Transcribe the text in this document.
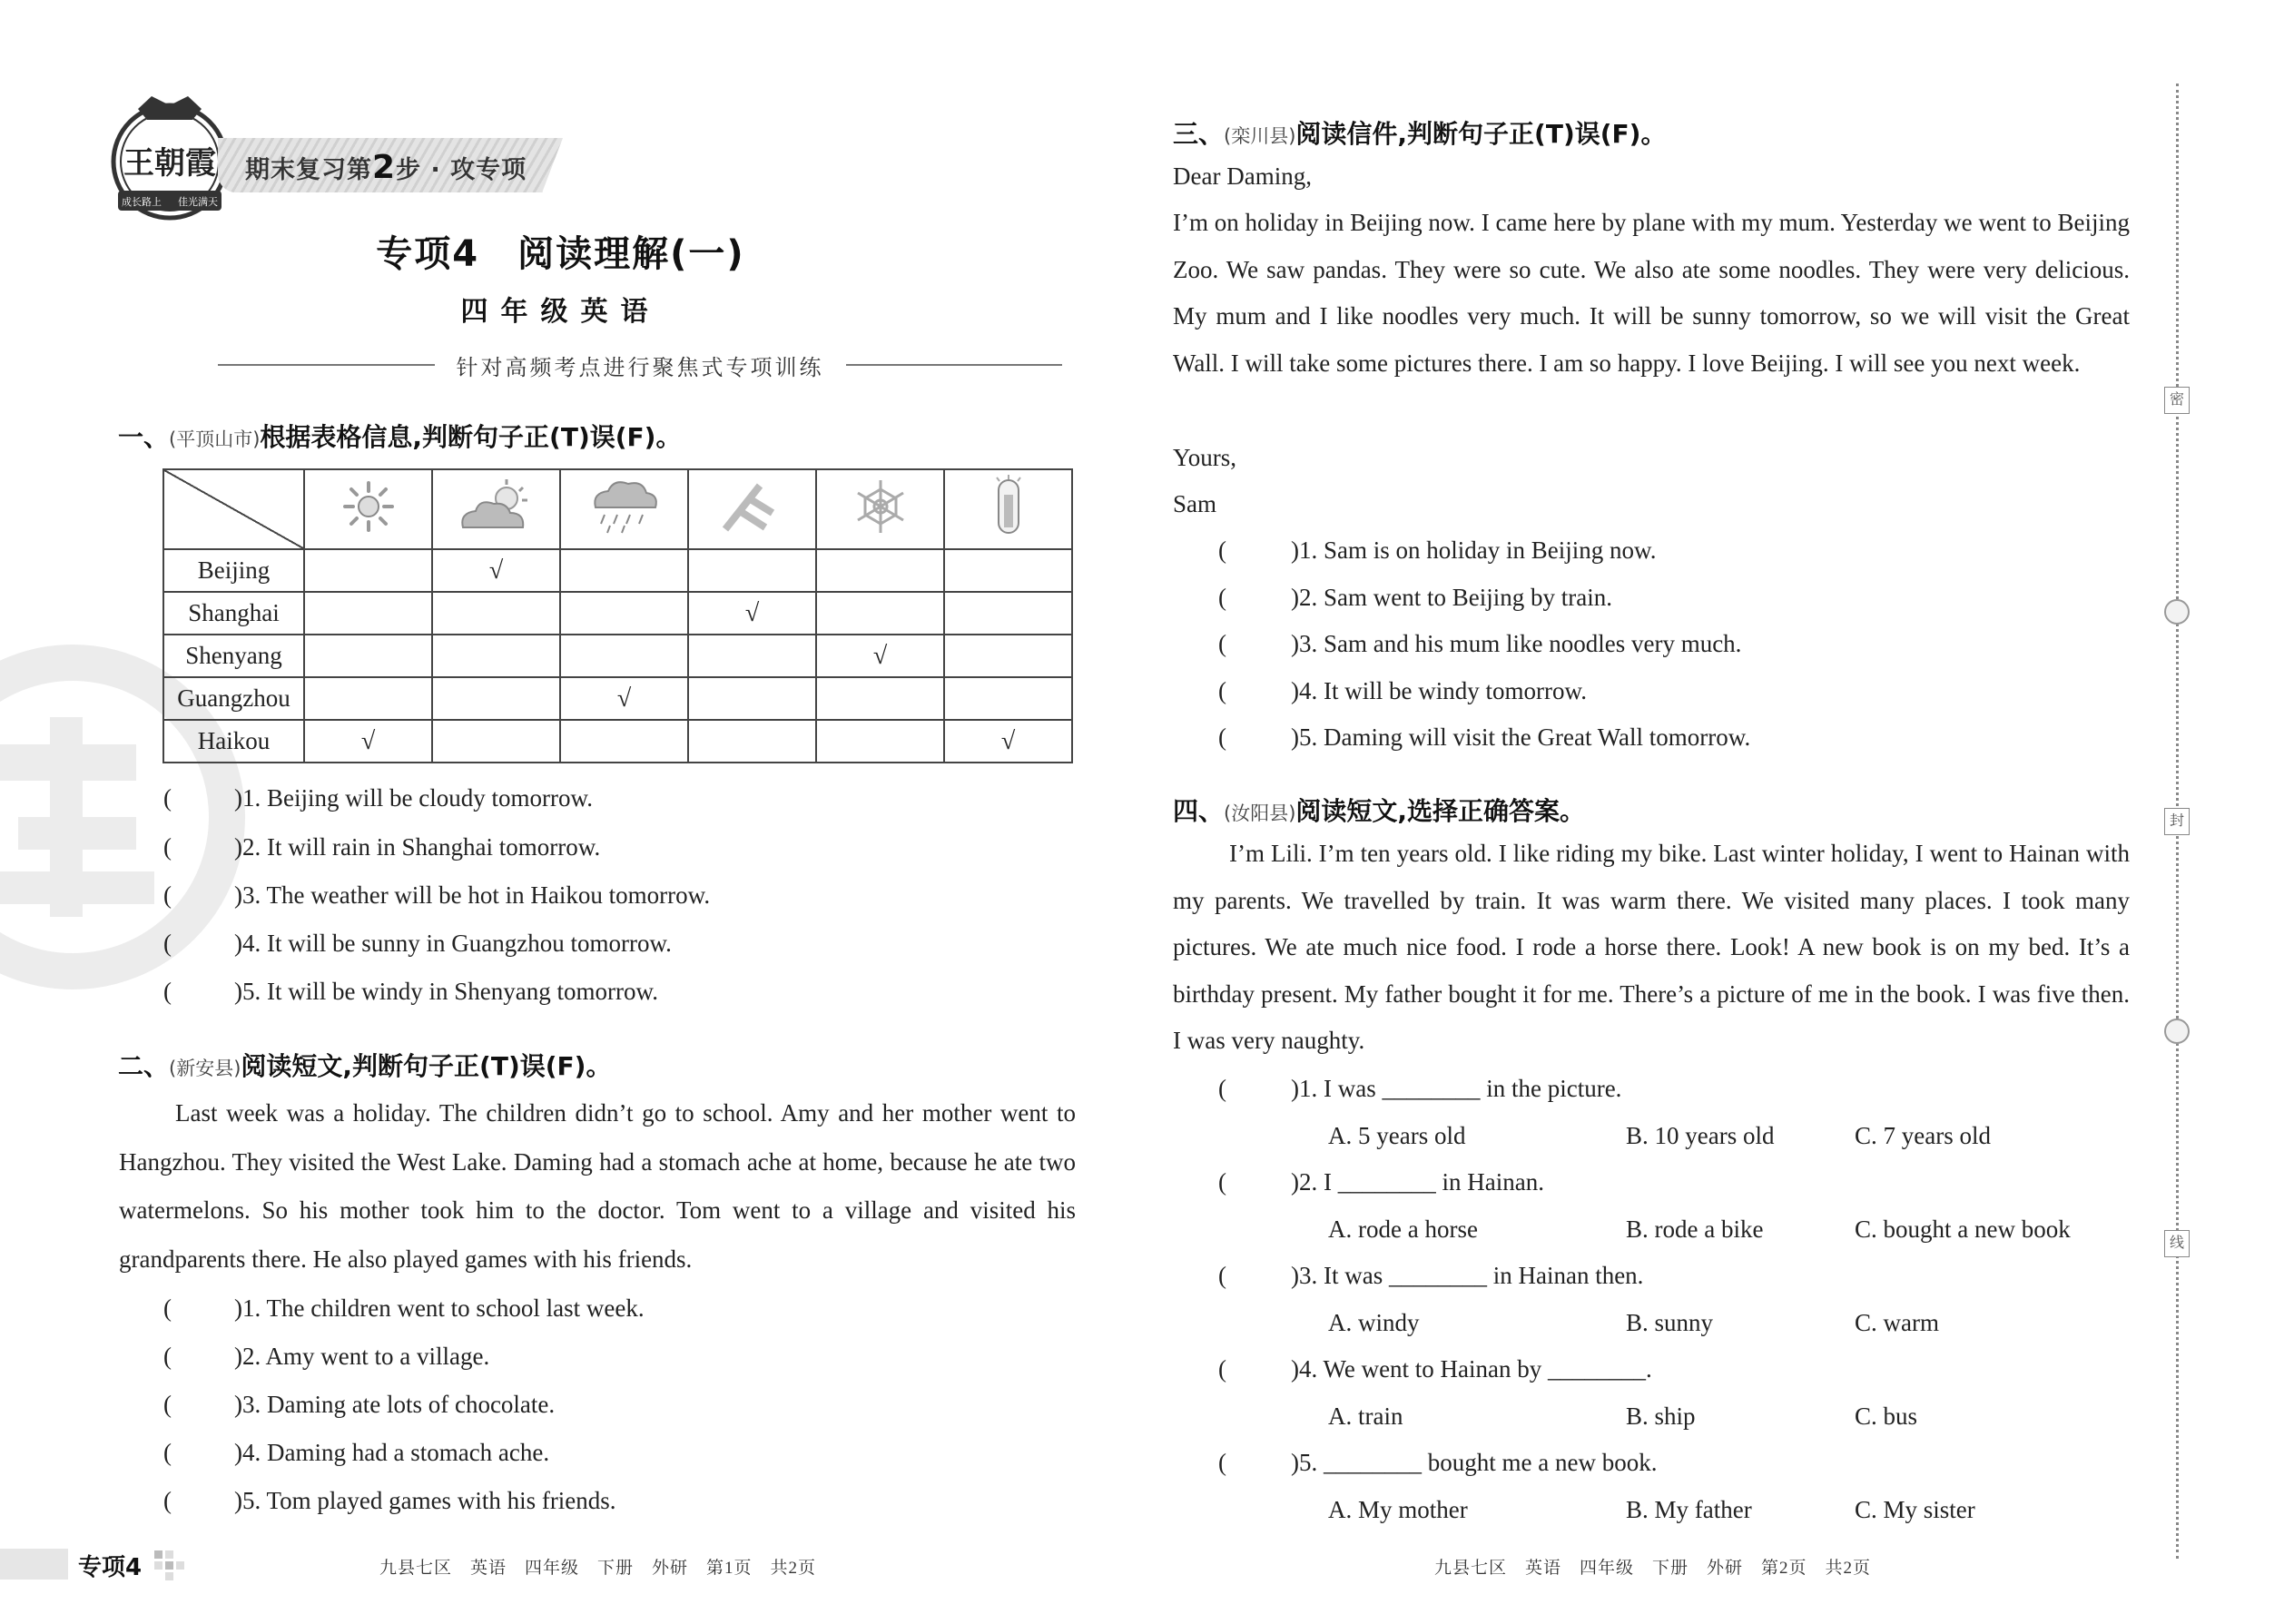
王朝霞
成长路上 佳光满天
期末复习第2步 · 攻专项
专项4　阅读理解(一)
四年级英语
针对高频考点进行聚焦式专项训练
一、(平顶山市)根据表格信息,判断句子正(T)误(F)。

Beijing		√				
Shanghai				√		
Shenyang					√	
Guangzhou			√			
Haikou	√					√
(	)1. Beijing will be cloudy tomorrow.
(	)2. It will rain in Shanghai tomorrow.
(	)3. The weather will be hot in Haikou tomorrow.
(	)4. It will be sunny in Guangzhou tomorrow.
(	)5. It will be windy in Shenyang tomorrow.
二、(新安县)阅读短文,判断句子正(T)误(F)。
Last week was a holiday. The children didn’t go to school. Amy and her mother went to Hangzhou. They visited the West Lake. Daming had a stomach ache at home, because he ate two watermelons. So his mother took him to the doctor. Tom went to a village and visited his grandparents there. He also played games with his friends.
(	)1. The children went to school last week.
(	)2. Amy went to a village.
(	)3. Daming ate lots of chocolate.
(	)4. Daming had a stomach ache.
(	)5. Tom played games with his friends.
三、(栾川县)阅读信件,判断句子正(T)误(F)。
Dear Daming,
I’m on holiday in Beijing now. I came here by plane with my mum. Yesterday we went to Beijing Zoo. We saw pandas. They were so cute. We also ate some noodles. They were very delicious. My mum and I like noodles very much. It will be sunny tomorrow, so we will visit the Great Wall. I will take some pictures there. I am so happy. I love Beijing. I will see you next week.
Yours,
Sam
(	)1. Sam is on holiday in Beijing now.
(	)2. Sam went to Beijing by train.
(	)3. Sam and his mum like noodles very much.
(	)4. It will be windy tomorrow.
(	)5. Daming will visit the Great Wall tomorrow.
四、(汝阳县)阅读短文,选择正确答案。
I’m Lili. I’m ten years old. I like riding my bike. Last winter holiday, I went to Hainan with my parents. We travelled by train. It was warm there. We visited many places. I took many pictures. We ate much nice food. I rode a horse there. Look! A new book is on my bed. It’s a birthday present. My father bought it for me. There’s a picture of me in the book. I was five then. I was very naughty.
(	)1. I was ________ in the picture.
A. 5 years old	B. 10 years old	C. 7 years old
(	)2. I ________ in Hainan.
A. rode a horse	B. rode a bike	C. bought a new book
(	)3. It was ________ in Hainan then.
A. windy	B. sunny	C. warm
(	)4. We went to Hainan by ________.
A. train	B. ship	C. bus
(	)5. ________ bought me a new book.
A. My mother	B. My father	C. My sister
密
封
线
专项4	九县七区　英语　四年级　下册　外研　第1页　共2页	九县七区　英语　四年级　下册　外研　第2页　共2页
